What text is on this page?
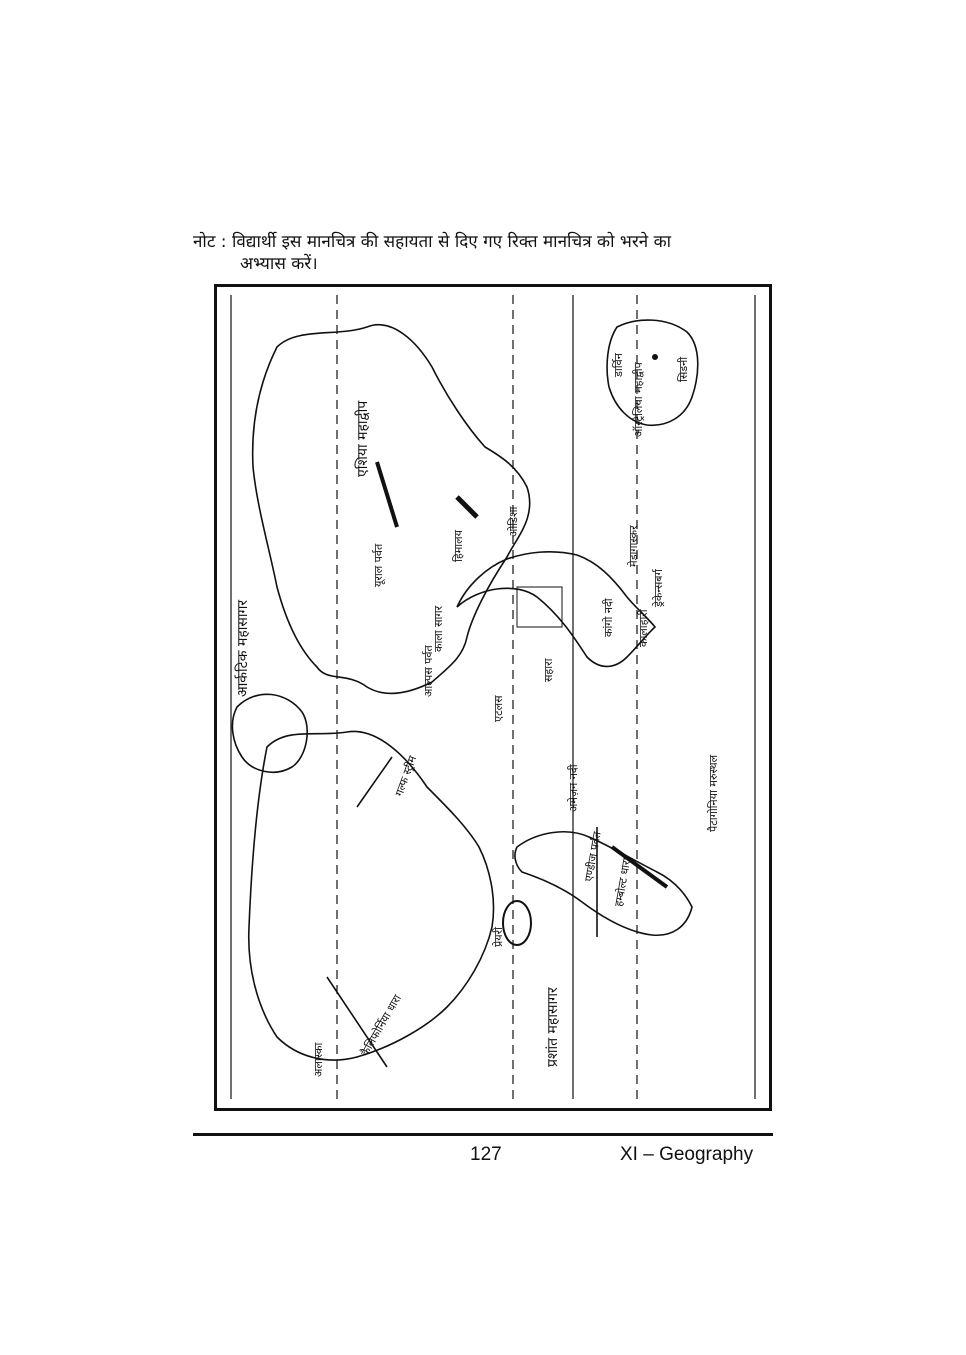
नोट : विद्यार्थी इस मानचित्र की सहायता से दिए गए रिक्त मानचित्र को भरने का
अभ्यास करें।
आर्कटिक महासागर
एशिया महाद्वीप
यूराल पर्वत
काला सागर
आल्पस पर्वत
हिमालय
सहारा
एटलस
कांगो नदी कालाहारी
मेडागास्कर
ड्रेकेन्सबर्ग
ऑस्ट्रेलिया महाद्वीप	सिडनी
डार्विन
प्रेयरी
अलास्का
कैलिफोर्निया धारा	प्रशांत महासागर
एण्डीज पर्वत हम्बोल्ट धारा
पैटागोनिया मरुस्थल
अमेज़न नदी
गल्फ स्ट्रीम
ओडिशा
127	XI – Geography
